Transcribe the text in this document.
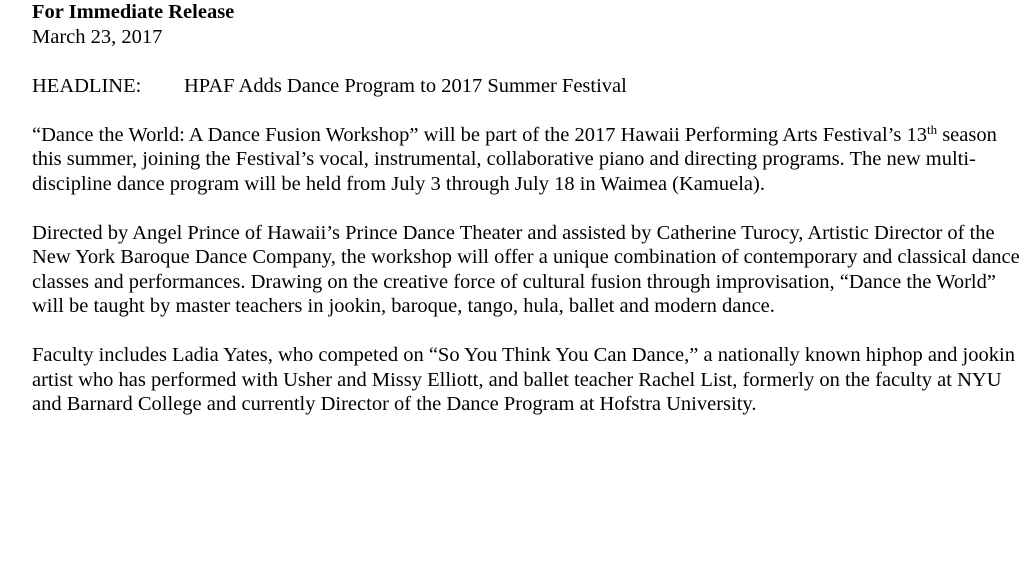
For Immediate Release

March 23, 2017

HEADLINE: HPAF Adds Dance Program to 2017 Summer Festival

“Dance the World: A Dance Fusion Workshop” will be part of the 2017 Hawaii Performing Arts Festival’s 13th season this summer, joining the Festival’s vocal, instrumental, collaborative piano and directing programs. The new multi-discipline dance program will be held from July 3 through July 18 in Waimea (Kamuela).

Directed by Angel Prince of Hawaii’s Prince Dance Theater and assisted by Catherine Turocy, Artistic Director of the New York Baroque Dance Company, the workshop will offer a unique combination of contemporary and classical dance classes and performances. Drawing on the creative force of cultural fusion through improvisation, “Dance the World” will be taught by master teachers in jookin, baroque, tango, hula, ballet and modern dance.

Faculty includes Ladia Yates, who competed on “So You Think You Can Dance,” a nationally known hiphop and jookin artist who has performed with Usher and Missy Elliott, and ballet teacher Rachel List, formerly on the faculty at NYU and Barnard College and currently Director of the Dance Program at Hofstra University.
